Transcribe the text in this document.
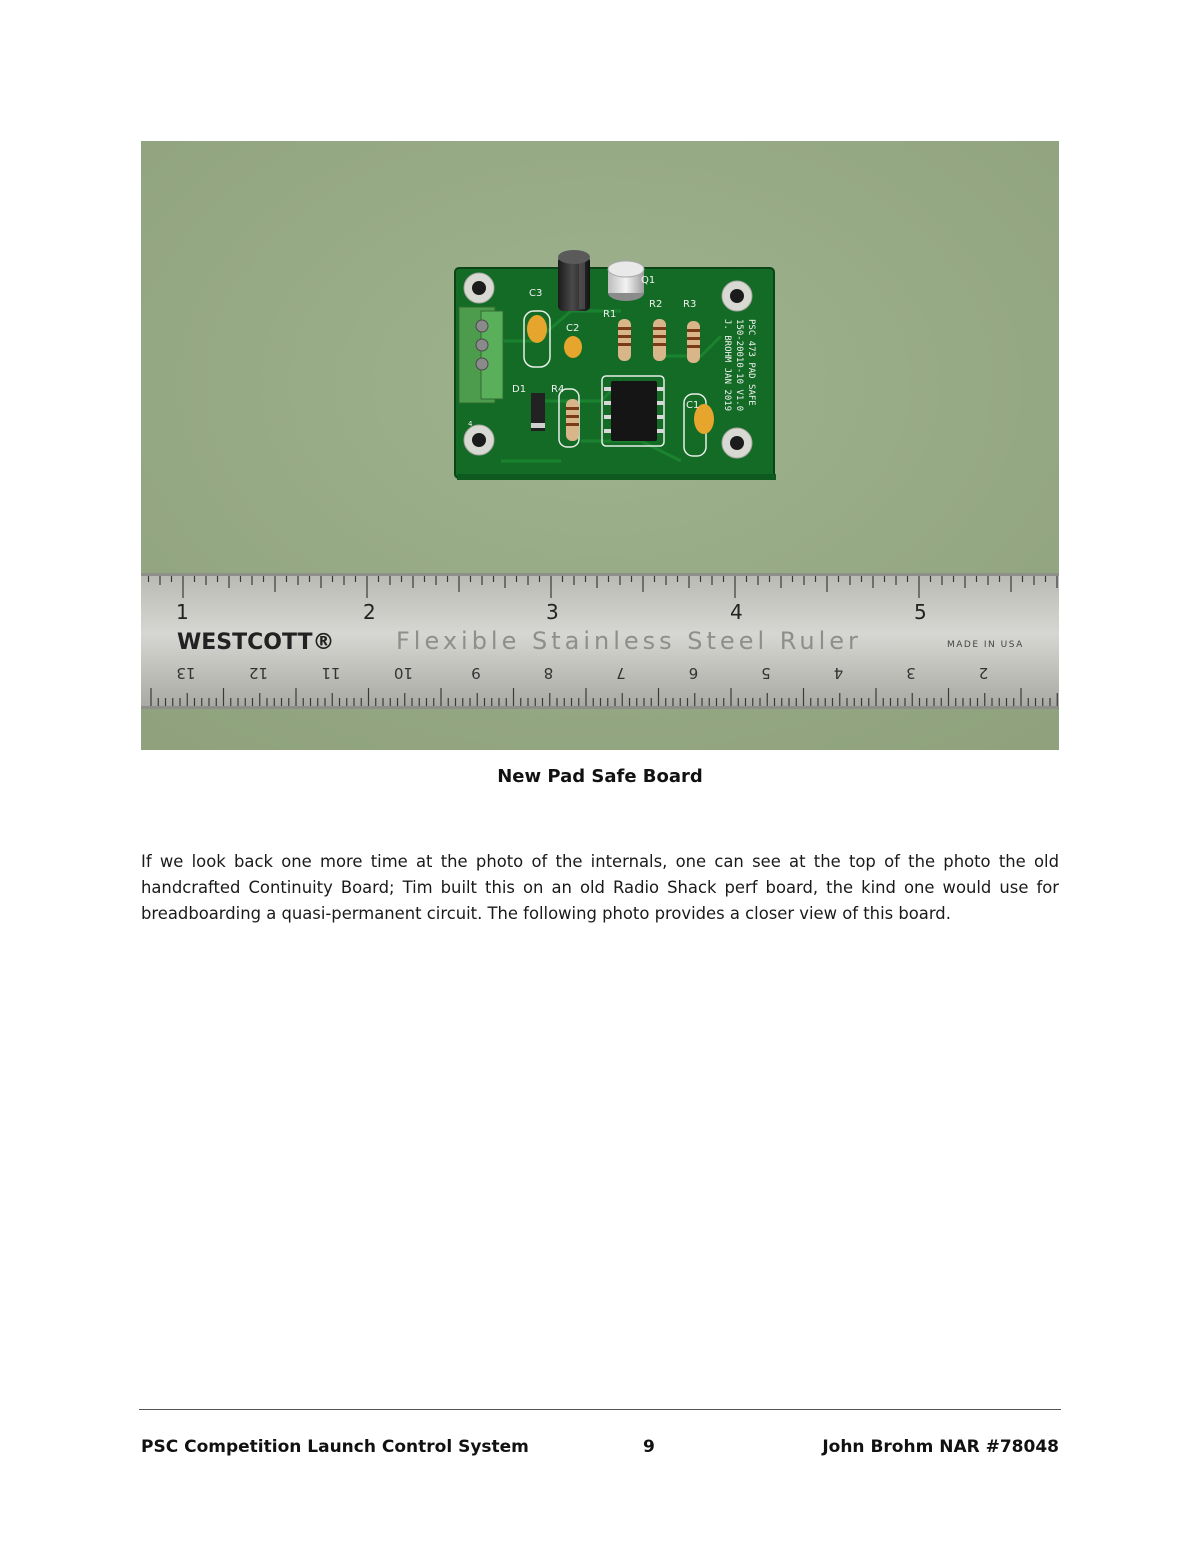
C3
Q1
R1
R2 R3
C2
D1 R4
C1
4
PSC 473 PAD SAFE
150-20010-10 V1.0
J. BROHM JAN 2019
1	2	3	4	5
WESTCOTT®	Flexible Stainless Steel Ruler	MADE IN USA
13	12	11	10	9	8	7	6	5	4	3	2
New Pad Safe Board
If we look back one more time at the photo of the internals, one can see at the top of the photo the old handcrafted Continuity Board; Tim built this on an old Radio Shack perf board, the kind one would use for breadboarding a quasi-permanent circuit. The following photo provides a closer view of this board.
PSC Competition Launch Control System	9	John Brohm NAR #78048
